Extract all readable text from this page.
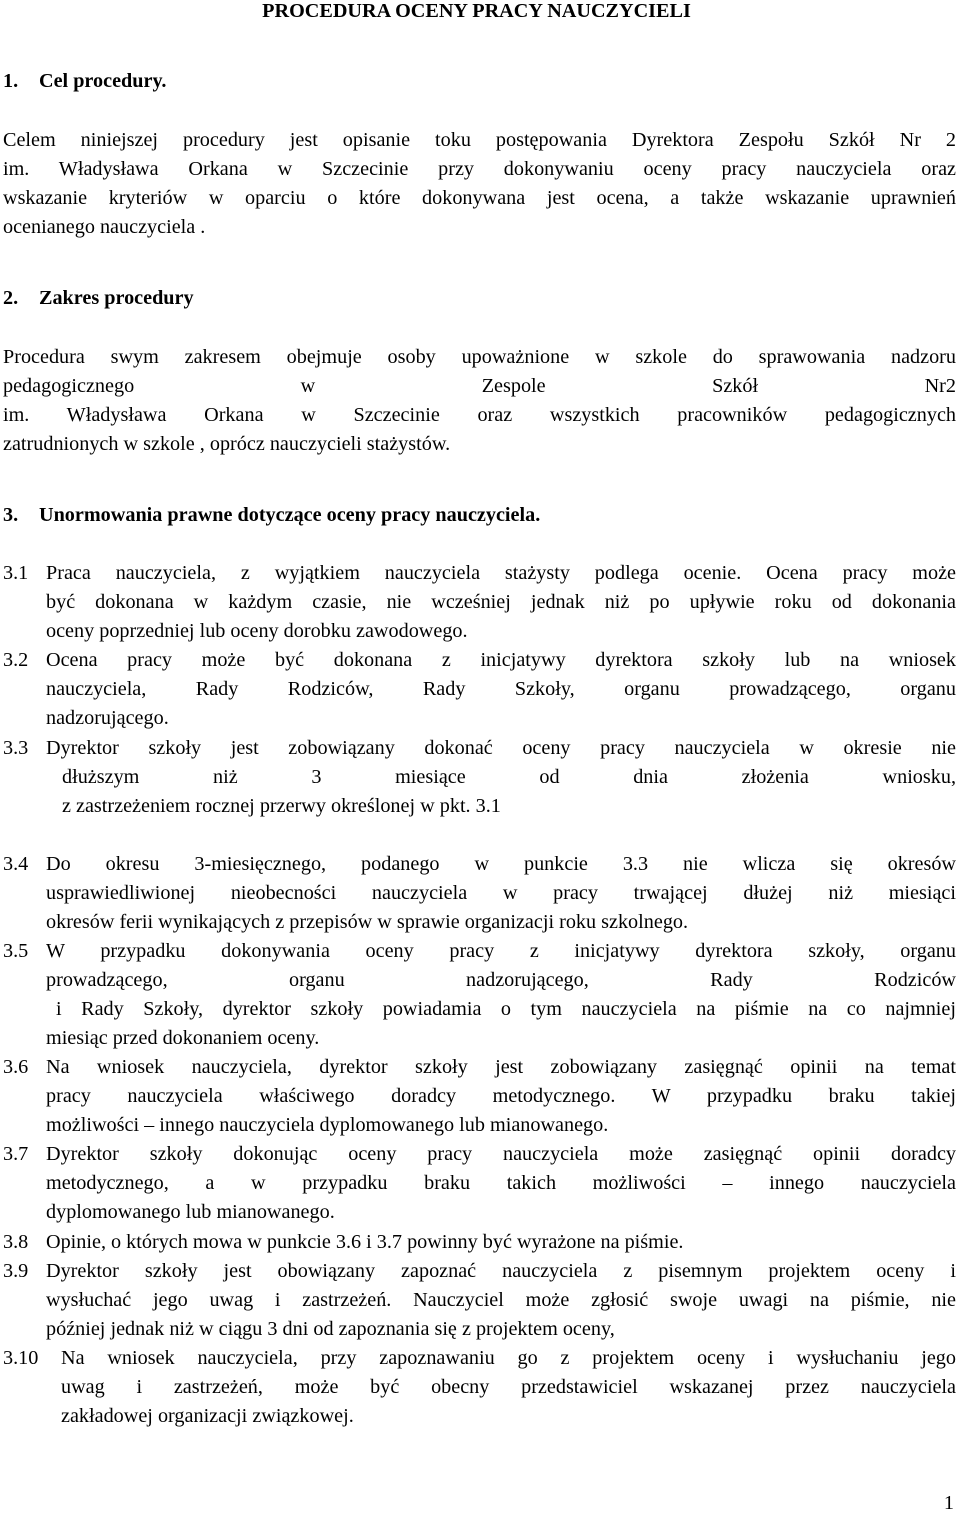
PROCEDURA OCENY PRACY NAUCZYCIELI
1. Cel procedury.
Celem niniejszej procedury jest opisanie toku postępowania Dyrektora Zespołu Szkół Nr 2
im. Władysława Orkana w Szczecinie przy dokonywaniu oceny pracy nauczyciela oraz
wskazanie kryteriów w oparciu o które dokonywana jest ocena, a także wskazanie uprawnień
ocenianego nauczyciela .
2. Zakres procedury
Procedura swym zakresem obejmuje osoby upoważnione w szkole do sprawowania nadzoru
pedagogicznego w Zespole Szkół Nr2
im. Władysława Orkana w Szczecinie oraz wszystkich pracowników pedagogicznych
zatrudnionych w szkole , oprócz nauczycieli stażystów.
3. Unormowania prawne dotyczące oceny pracy nauczyciela.
3.1 Praca nauczyciela, z wyjątkiem nauczyciela stażysty podlega ocenie. Ocena pracy może
być dokonana w każdym czasie, nie wcześniej jednak niż po upływie roku od dokonania
oceny poprzedniej lub oceny dorobku zawodowego.
3.2 Ocena pracy może być dokonana z inicjatywy dyrektora szkoły lub na wniosek
nauczyciela, Rady Rodziców, Rady Szkoły, organu prowadzącego, organu
nadzorującego.
3.3 Dyrektor szkoły jest zobowiązany dokonać oceny pracy nauczyciela w okresie nie
dłuższym niż 3 miesiące od dnia złożenia wniosku,
z zastrzeżeniem rocznej przerwy określonej w pkt. 3.1
3.4 Do okresu 3-miesięcznego, podanego w punkcie 3.3 nie wlicza się okresów
usprawiedliwionej nieobecności nauczyciela w pracy trwającej dłużej niż miesiąci
okresów ferii wynikających z przepisów w sprawie organizacji roku szkolnego.
3.5 W przypadku dokonywania oceny pracy z inicjatywy dyrektora szkoły, organu
prowadzącego, organu nadzorującego, Rady Rodziców
i Rady Szkoły, dyrektor szkoły powiadamia o tym nauczyciela na piśmie na co najmniej
miesiąc przed dokonaniem oceny.
3.6 Na wniosek nauczyciela, dyrektor szkoły jest zobowiązany zasięgnąć opinii na temat
pracy nauczyciela właściwego doradcy metodycznego. W przypadku braku takiej
możliwości – innego nauczyciela dyplomowanego lub mianowanego.
3.7 Dyrektor szkoły dokonując oceny pracy nauczyciela może zasięgnąć opinii doradcy
metodycznego, a w przypadku braku takich możliwości – innego nauczyciela
dyplomowanego lub mianowanego.
3.8 Opinie, o których mowa w punkcie 3.6 i 3.7 powinny być wyrażone na piśmie.
3.9 Dyrektor szkoły jest obowiązany zapoznać nauczyciela z pisemnym projektem oceny i
wysłuchać jego uwag i zastrzeżeń. Nauczyciel może zgłosić swoje uwagi na piśmie, nie
później jednak niż w ciągu 3 dni od zapoznania się z projektem oceny,
3.10 Na wniosek nauczyciela, przy zapoznawaniu go z projektem oceny i wysłuchaniu jego
uwag i zastrzeżeń, może być obecny przedstawiciel wskazanej przez nauczyciela
zakładowej organizacji związkowej.
1
